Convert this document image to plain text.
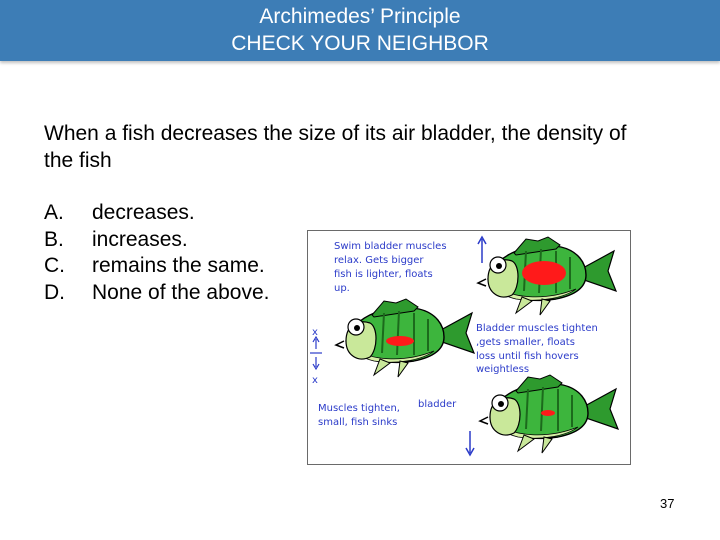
Archimedes’ Principle
CHECK YOUR NEIGHBOR
When a fish decreases the size of its air bladder, the density of the fish
A.	decreases.
B.	increases.
C.	remains the same.
D.	None of the above.
Swim bladder muscles
relax. Gets bigger
fish is lighter, floats
up.
Bladder muscles tighten
,gets smaller, floats
loss until fish hovers
weightless
Muscles tighten,
small, fish sinks
bladder
x
x
37
